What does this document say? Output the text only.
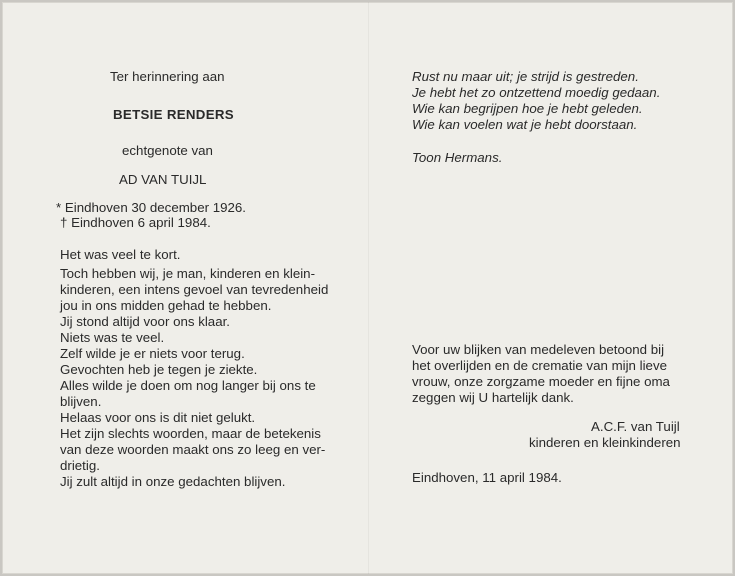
Ter herinnering aan
BETSIE RENDERS
echtgenote van
AD VAN TUIJL
* Eindhoven 30 december 1926.
† Eindhoven 6 april 1984.
Het was veel te kort.
Toch hebben wij, je man, kinderen en klein-
kinderen, een intens gevoel van tevredenheid
jou in ons midden gehad te hebben.
Jij stond altijd voor ons klaar.
Niets was te veel.
Zelf wilde je er niets voor terug.
Gevochten heb je tegen je ziekte.
Alles wilde je doen om nog langer bij ons te
blijven.
Helaas voor ons is dit niet gelukt.
Het zijn slechts woorden, maar de betekenis
van deze woorden maakt ons zo leeg en ver-
drietig.
Jij zult altijd in onze gedachten blijven.
Rust nu maar uit; je strijd is gestreden.
Je hebt het zo ontzettend moedig gedaan.
Wie kan begrijpen hoe je hebt geleden.
Wie kan voelen wat je hebt doorstaan.
Toon Hermans.
Voor uw blijken van medeleven betoond bij
het overlijden en de crematie van mijn lieve
vrouw, onze zorgzame moeder en fijne oma
zeggen wij U hartelijk dank.
A.C.F. van Tuijl
kinderen en kleinkinderen
Eindhoven, 11 april 1984.
